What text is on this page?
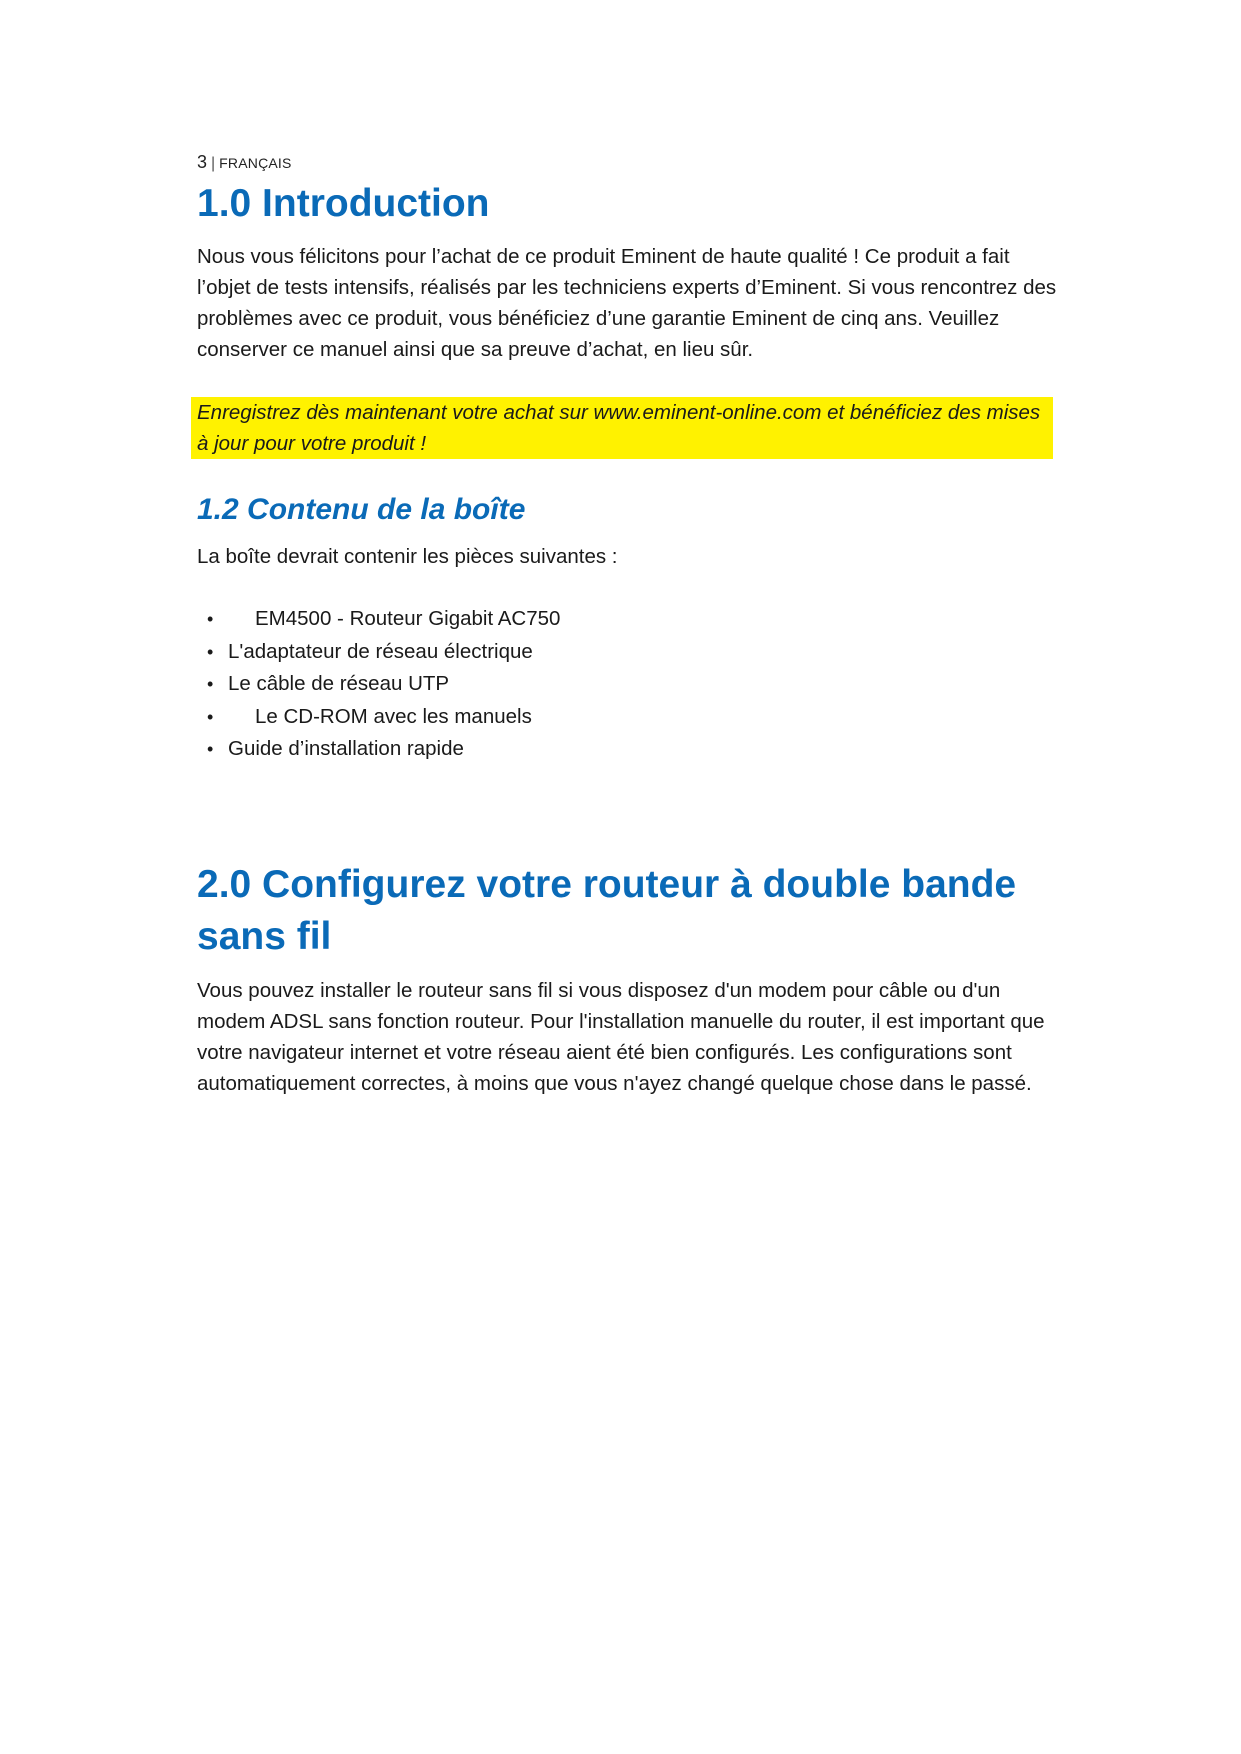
3 | FRANÇAIS
1.0 Introduction

Nous vous félicitons pour l’achat de ce produit Eminent de haute qualité ! Ce produit a fait l’objet de tests intensifs, réalisés par les techniciens experts d’Eminent. Si vous rencontrez des problèmes avec ce produit, vous bénéficiez d’une garantie Eminent de cinq ans. Veuillez conserver ce manuel ainsi que sa preuve d’achat, en lieu sûr.

Enregistrez dès maintenant votre achat sur www.eminent-online.com et bénéficiez des mises à jour pour votre produit !

1.2 Contenu de la boîte

La boîte devrait contenir les pièces suivantes :

• EM4500 - Routeur Gigabit AC750
• L'adaptateur de réseau électrique
• Le câble de réseau UTP
• Le CD-ROM avec les manuels
• Guide d’installation rapide
2.0 Configurez votre routeur à double bande sans fil

Vous pouvez installer le routeur sans fil si vous disposez d'un modem pour câble ou d'un modem ADSL sans fonction routeur. Pour l'installation manuelle du router, il est important que votre navigateur internet et votre réseau aient été bien configurés. Les configurations sont automatiquement correctes, à moins que vous n'ayez changé quelque chose dans le passé.
